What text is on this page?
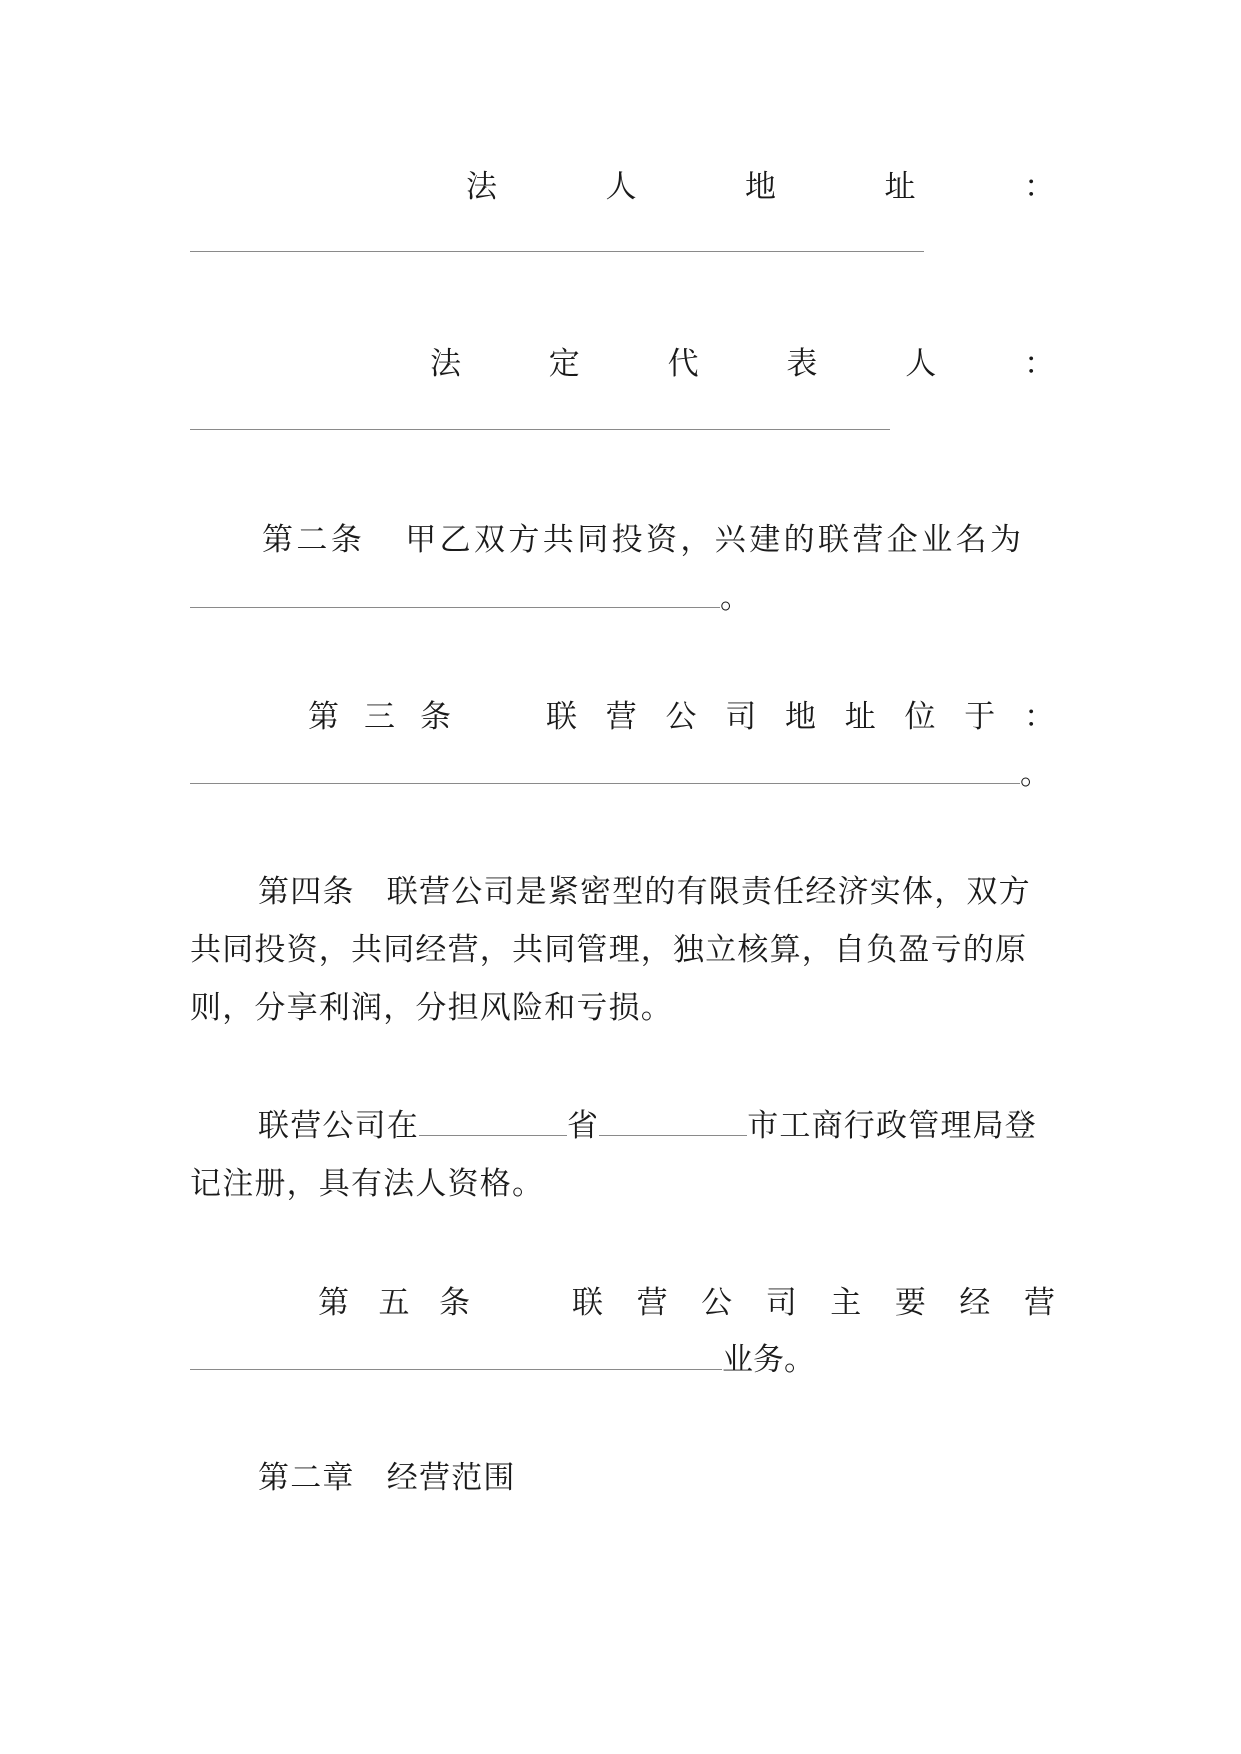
法	人	地	址	：
法	定	代	表	人	：
第二条 甲乙双方共同投资，兴建的联营企业名为
。
第 三 条	联 营 公 司 地 址 位 于 ：
。
第四条　联营公司是紧密型的有限责任经济实体，双方
共同投资，共同经营，共同管理，独立核算，自负盈亏的原
则，分享利润，分担风险和亏损。
联营公司在	省	市工商行政管理局登
记注册，具有法人资格。
第 五 条	联 营 公 司 主 要 经 营
业务。
第二章　经营范围
